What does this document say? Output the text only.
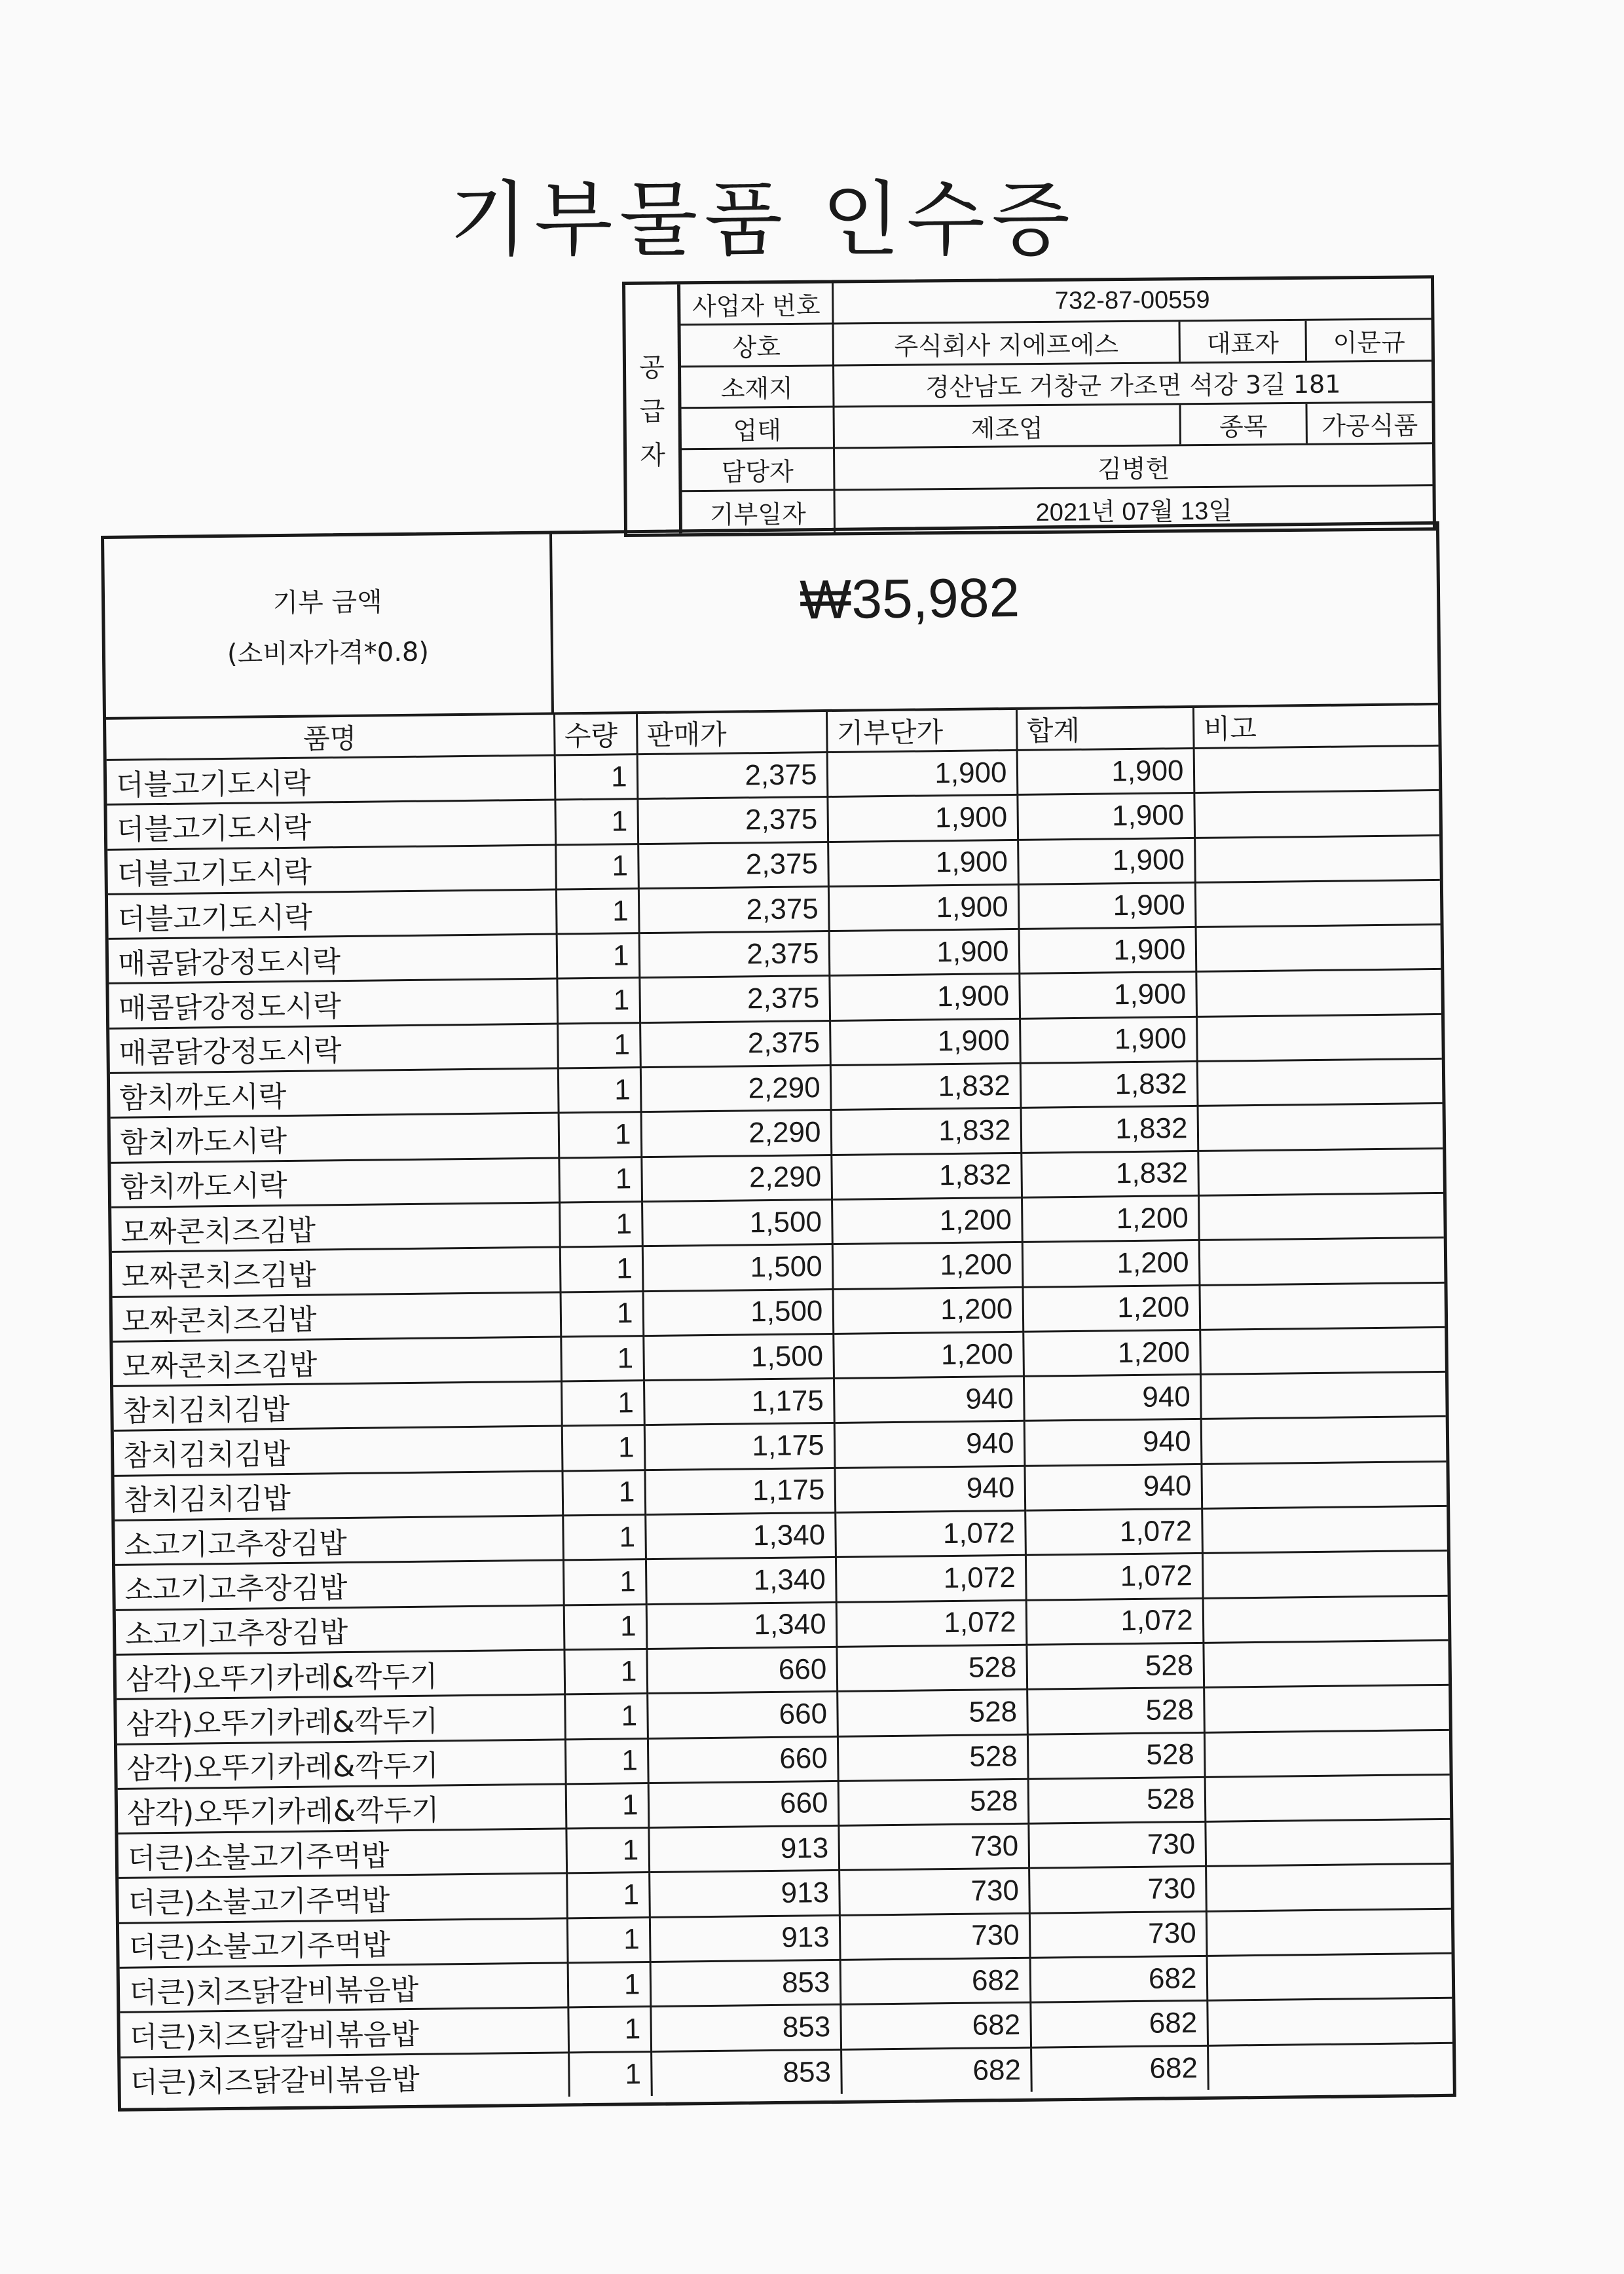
기부물품 인수증
공
급
자
사업자 번호	732-87-00559
상호	주식회사 지에프에스	대표자	이문규
소재지	경산남도 거창군 가조면 석강 3길 181
업태	제조업	종목	가공식품
담당자	김병헌
기부일자	2021년 07월 13일
기부 금액
(소비자가격*0.8)
₩35,982
품명	수량	판매가	기부단가	합계	비고
더블고기도시락	1	2,375	1,900	1,900	
더블고기도시락	1	2,375	1,900	1,900	
더블고기도시락	1	2,375	1,900	1,900	
더블고기도시락	1	2,375	1,900	1,900	
매콤닭강정도시락	1	2,375	1,900	1,900	
매콤닭강정도시락	1	2,375	1,900	1,900	
매콤닭강정도시락	1	2,375	1,900	1,900	
함치까도시락	1	2,290	1,832	1,832	
함치까도시락	1	2,290	1,832	1,832	
함치까도시락	1	2,290	1,832	1,832	
모짜콘치즈김밥	1	1,500	1,200	1,200	
모짜콘치즈김밥	1	1,500	1,200	1,200	
모짜콘치즈김밥	1	1,500	1,200	1,200	
모짜콘치즈김밥	1	1,500	1,200	1,200	
참치김치김밥	1	1,175	940	940	
참치김치김밥	1	1,175	940	940	
참치김치김밥	1	1,175	940	940	
소고기고추장김밥	1	1,340	1,072	1,072	
소고기고추장김밥	1	1,340	1,072	1,072	
소고기고추장김밥	1	1,340	1,072	1,072	
삼각)오뚜기카레&깍두기	1	660	528	528	
삼각)오뚜기카레&깍두기	1	660	528	528	
삼각)오뚜기카레&깍두기	1	660	528	528	
삼각)오뚜기카레&깍두기	1	660	528	528	
더큰)소불고기주먹밥	1	913	730	730	
더큰)소불고기주먹밥	1	913	730	730	
더큰)소불고기주먹밥	1	913	730	730	
더큰)치즈닭갈비볶음밥	1	853	682	682	
더큰)치즈닭갈비볶음밥	1	853	682	682	
더큰)치즈닭갈비볶음밥	1	853	682	682	
